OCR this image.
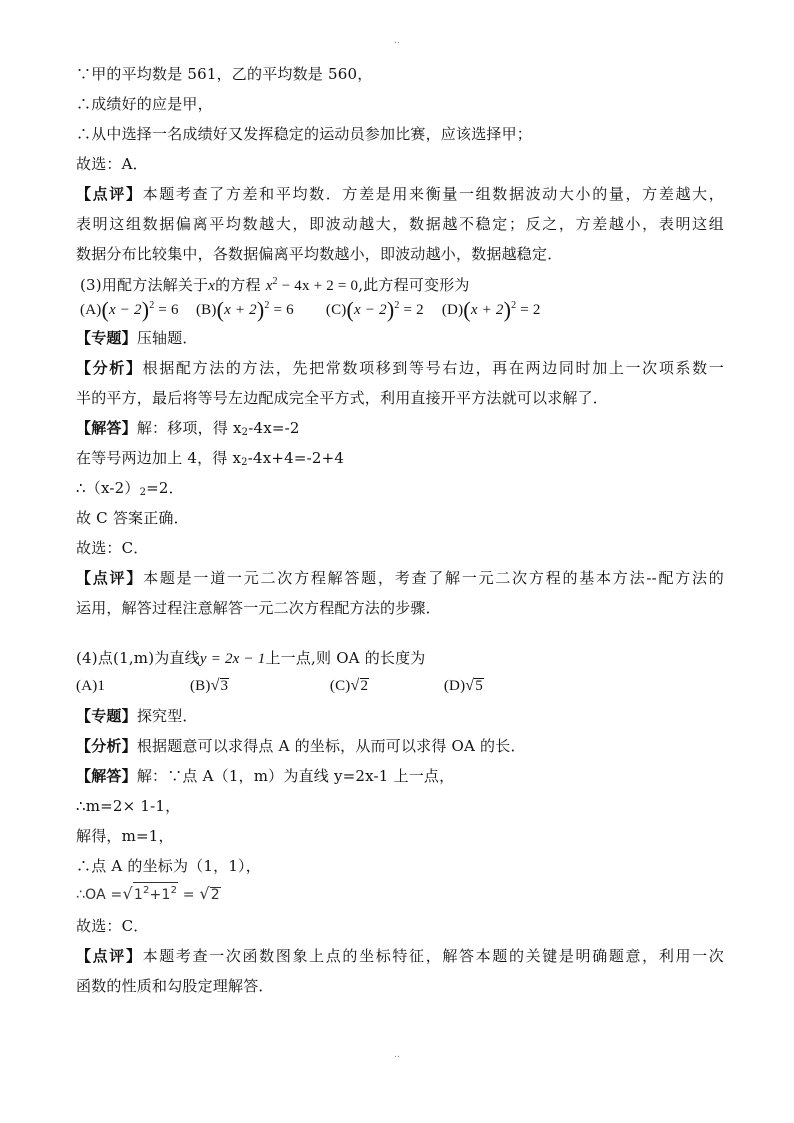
..
∵甲的平均数是 561，乙的平均数是 560，
∴成绩好的应是甲，
∴从中选择一名成绩好又发挥稳定的运动员参加比赛，应该选择甲；
故选：A．
【点评】本题考查了方差和平均数．方差是用来衡量一组数据波动大小的量，方差越大，
表明这组数据偏离平均数越大，即波动越大，数据越不稳定；反之，方差越小，表明这组
数据分布比较集中，各数据偏离平均数越小，即波动越小，数据越稳定．
(3)用配方法解关于x的方程 $x^2 - 4x + 2 = 0$,此方程可变形为
$(A)(x - 2)^2 = 6$ $(B)(x + 2)^2 = 6$ $(C)(x - 2)^2 = 2$ $(D)(x + 2)^2 = 2$
【专题】压轴题．
【分析】根据配方法的方法，先把常数项移到等号右边，再在两边同时加上一次项系数一
半的平方，最后将等号左边配成完全平方式，利用直接开平方法就可以求解了．
【解答】解：移项，得 $x_2-4x=-2$
在等号两边加上 4，得 $x_2-4x+4=-2+4$
$\therefore(x-2)_2=2$．
故 C 答案正确．
故选：C．
【点评】本题是一道一元二次方程解答题，考查了解一元二次方程的基本方法--配方法的
运用，解答过程注意解答一元二次方程配方法的步骤．
(4)点(1,m)为直线y = 2x − 1上一点,则 OA 的长度为
(A)1	(B)√3	(C)√2	(D)√5
【专题】探究型．
【分析】根据题意可以求得点 A 的坐标，从而可以求得 OA 的长．
【解答】解：∵点 A（1，m）为直线 y=2x-1 上一点，
∴m=2× 1-1，
解得，m=1，
∴点 A 的坐标为（1，1），
∴OA $=√1^2+1^2 = √2$
故选：C．
【点评】本题考查一次函数图象上点的坐标特征，解答本题的关键是明确题意，利用一次
函数的性质和勾股定理解答．
..
